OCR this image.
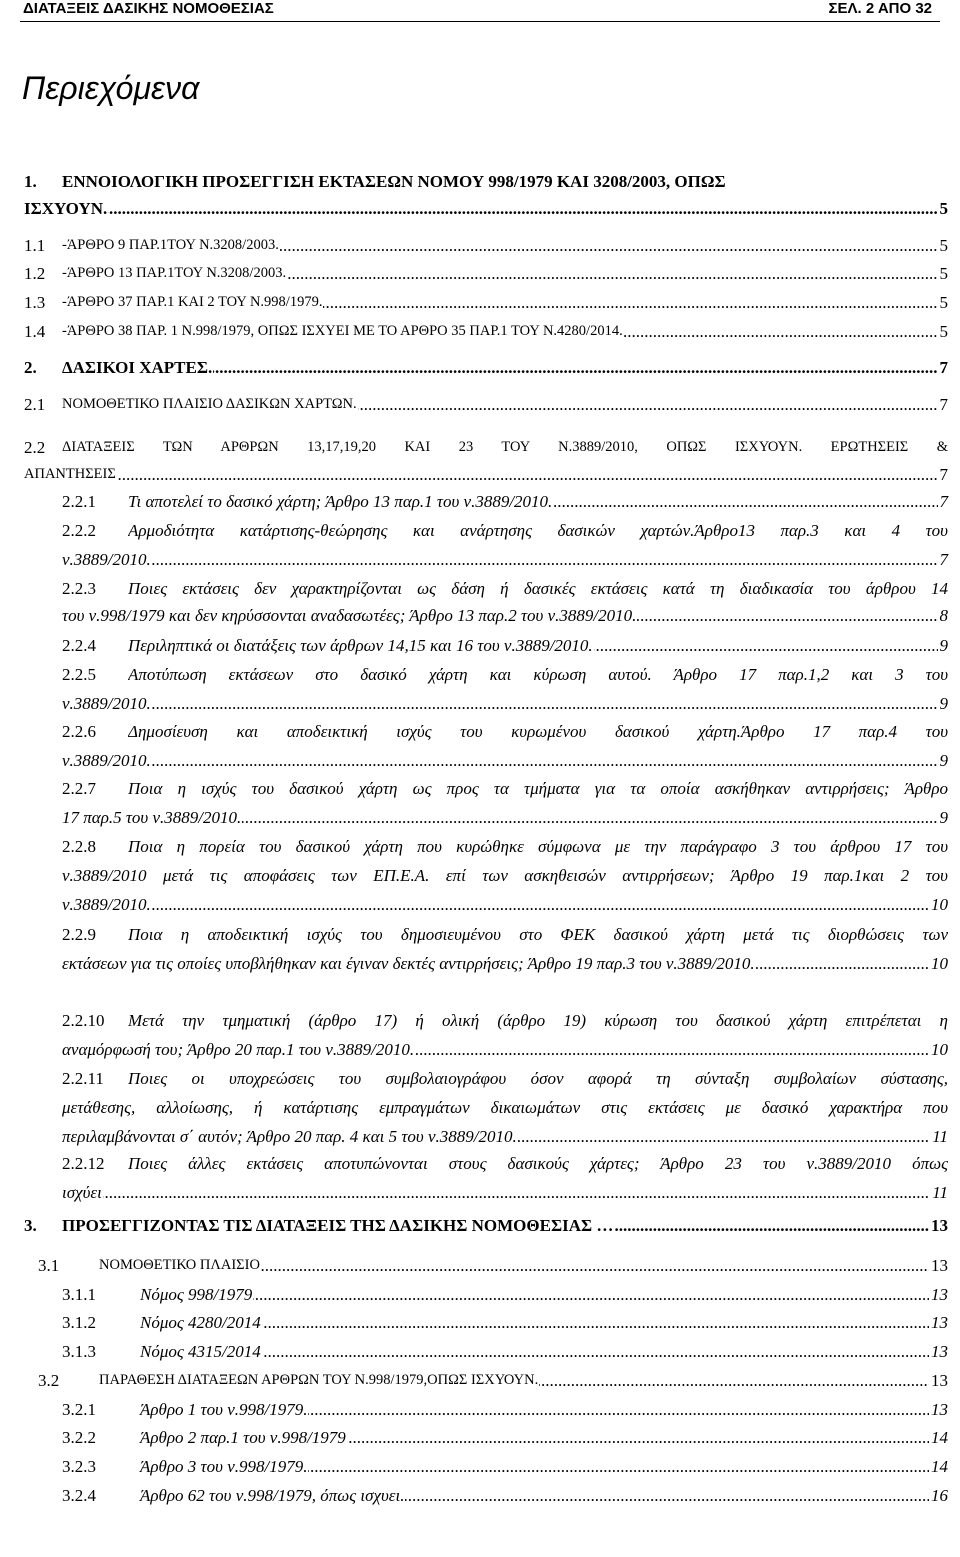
ΔΙΑΤΑΞΕΙΣ ΔΑΣΙΚΗΣ ΝΟΜΟΘΕΣΙΑΣ	ΣΕΛ. 2 ΑΠΟ 32
Περιεχόμενα
1. ΕΝΝΟΙΟΛΟΓΙΚΗ ΠΡΟΣΕΓΓΙΣΗ ΕΚΤΑΣΕΩΝ ΝΟΜΟΥ 998/1979 ΚΑΙ 3208/2003, ΟΠΩΣ
.....
ΙΣΧΥΟΥΝ.	5
1.1 ..... -ΆΡΘΡΟ 9 ΠΑΡ.1ΤΟΥ Ν.3208/2003.	5
1.2 ..... -ΆΡΘΡΟ 13 ΠΑΡ.1ΤΟΥ Ν.3208/2003.	5
1.3 ..... -ΆΡΘΡΟ 37 ΠΑΡ.1 ΚΑΙ 2 ΤΟΥ Ν.998/1979.	5
1.4 ..... -ΆΡΘΡΟ 38 ΠΑΡ. 1 Ν.998/1979, ΟΠΩΣ ΙΣΧΥΕΙ ΜΕ ΤΟ ΑΡΘΡΟ 35 ΠΑΡ.1 ΤΟΥ Ν.4280/2014.	5
2. ..... ΔΑΣΙΚΟΙ ΧΑΡΤΕΣ.	7
2.1 ..... ΝΟΜΟΘΕΤΙΚΟ ΠΛΑΙΣΙΟ ΔΑΣΙΚΩΝ ΧΑΡΤΩΝ.	7
2.2 ΔΙΑΤΑΞΕΙΣ ΤΩΝ ΑΡΘΡΩΝ 13,17,19,20 ΚΑΙ 23 ΤΟΥ Ν.3889/2010, ΟΠΩΣ ΙΣΧΥΟΥΝ. ΕΡΩΤΗΣΕΙΣ &
.....
ΑΠΑΝΤΗΣΕΙΣ	7
2.2.1 ..... Τι αποτελεί το δασικό χάρτη; Άρθρο 13 παρ.1 του ν.3889/2010.	7
2.2.2 Αρμοδιότητα κατάρτισης-θεώρησης και ανάρτησης δασικών χαρτών.Άρθρο13 παρ.3 και 4 του
.....
ν.3889/2010.	7
2.2.3 Ποιες εκτάσεις δεν χαρακτηρίζονται ως δάση ή δασικές εκτάσεις κατά τη διαδικασία του άρθρου 14
.....
του ν.998/1979 και δεν κηρύσσονται αναδασωτέες; Άρθρο 13 παρ.2 του ν.3889/2010.	8
2.2.4 ..... Περιληπτικά οι διατάξεις των άρθρων 14,15 και 16 του ν.3889/2010.	9
2.2.5 Αποτύπωση εκτάσεων στο δασικό χάρτη και κύρωση αυτού. Άρθρο 17 παρ.1,2 και 3 του
.....
ν.3889/2010.	9
2.2.6 Δημοσίευση και αποδεικτική ισχύς του κυρωμένου δασικού χάρτη.Άρθρο 17 παρ.4 του
.....
ν.3889/2010.	9
2.2.7 Ποια η ισχύς του δασικού χάρτη ως προς τα τμήματα για τα οποία ασκήθηκαν αντιρρήσεις; Άρθρο
.....
17 παρ.5 του ν.3889/2010.	9
2.2.8 Ποια η πορεία του δασικού χάρτη που κυρώθηκε σύμφωνα με την παράγραφο 3 του άρθρου 17 του
ν.3889/2010 μετά τις αποφάσεις των ΕΠ.Ε.Α. επί των ασκηθεισών αντιρρήσεων; Άρθρο 19 παρ.1και 2 του
.....
ν.3889/2010.	10
2.2.9 Ποια η αποδεικτική ισχύς του δημοσιευμένου στο ΦΕΚ δασικού χάρτη μετά τις διορθώσεις των
.....
εκτάσεων για τις οποίες υποβλήθηκαν και έγιναν δεκτές αντιρρήσεις; Άρθρο 19 παρ.3 του ν.3889/2010.	10
2.2.10 Μετά την τμηματική (άρθρο 17) ή ολική (άρθρο 19) κύρωση του δασικού χάρτη επιτρέπεται η
.....
αναμόρφωσή του; Άρθρο 20 παρ.1 του ν.3889/2010.	10
2.2.11 Ποιες οι υποχρεώσεις του συμβολαιογράφου όσον αφορά τη σύνταξη συμβολαίων σύστασης,
μετάθεσης, αλλοίωσης, ή κατάρτισης εμπραγμάτων δικαιωμάτων στις εκτάσεις με δασικό χαρακτήρα που
.....
περιλαμβάνονται σ΄ αυτόν; Άρθρο 20 παρ. 4 και 5 του ν.3889/2010.	11
2.2.12 Ποιες άλλες εκτάσεις αποτυπώνονται στους δασικούς χάρτες; Άρθρο 23 του ν.3889/2010 όπως
.....
ισχύει	11
3. ..... ΠΡΟΣΕΓΓΙΖΟΝΤΑΣ ΤΙΣ ΔΙΑΤΑΞΕΙΣ ΤΗΣ ΔΑΣΙΚΗΣ ΝΟΜΟΘΕΣΙΑΣ …	13
3.1 .....	ΝΟΜΟΘΕΤΙΚΟ ΠΛΑΙΣΙΟ	13
3.1.1 .....	Νόμος 998/1979	13
3.1.2 .....	Νόμος 4280/2014	13
3.1.3 .....	Νόμος 4315/2014	13
3.2 .....	ΠΑΡΑΘΕΣΗ ΔΙΑΤΑΞΕΩΝ ΑΡΘΡΩΝ ΤΟΥ Ν.998/1979,ΟΠΩΣ ΙΣΧΥΟΥΝ.	13
3.2.1 .....	Άρθρο 1 του ν.998/1979.	13
3.2.2 .....	Άρθρο 2 παρ.1 του ν.998/1979	14
3.2.3 .....	Άρθρο 3 του ν.998/1979.	14
3.2.4 .....	Άρθρο 62 του ν.998/1979, όπως ισχυει.	16
